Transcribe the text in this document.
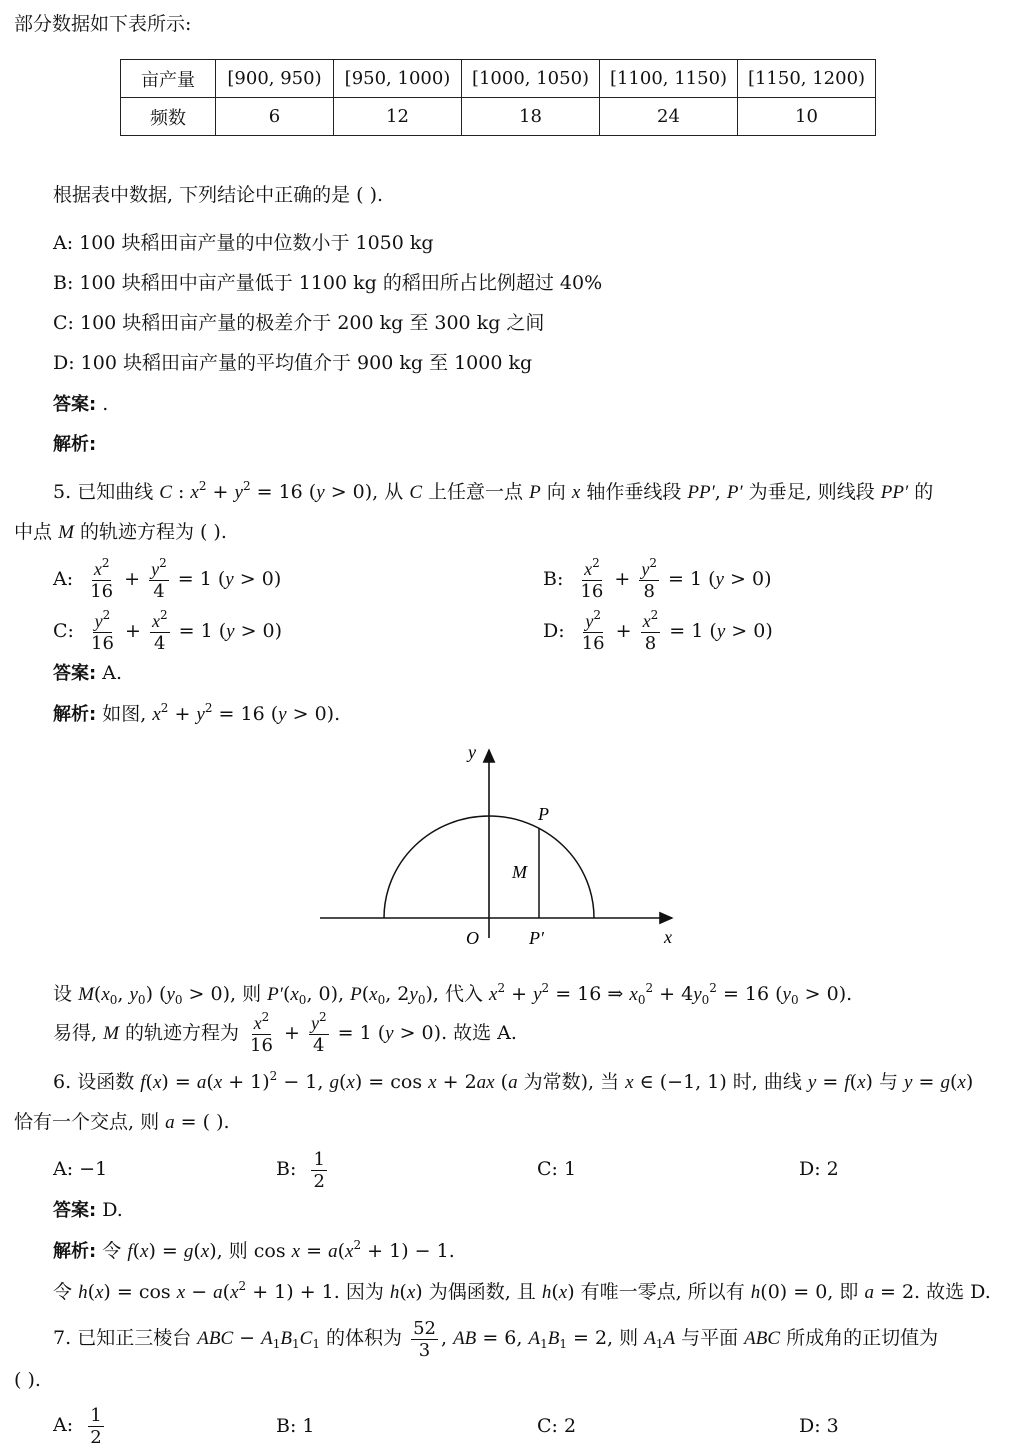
部分数据如下表所示:
亩产量	[900, 950)	[950, 1000)	[1000, 1050)	[1100, 1150)	[1150, 1200)
频数	6	12	18	24	10
根据表中数据, 下列结论中正确的是 ( ).
A: 100 块稻田亩产量的中位数小于 1050 kg
B: 100 块稻田中亩产量低于 1100 kg 的稻田所占比例超过 40%
C: 100 块稻田亩产量的极差介于 200 kg 至 300 kg 之间
D: 100 块稻田亩产量的平均值介于 900 kg 至 1000 kg
答案: .
解析:
5. 已知曲线 C : $x^2 + y^2 = 16$ (y > 0), 从 C 上任意一点 P 向 x 轴作垂线段 PP′, P′ 为垂足, 则线段 PP′ 的
中点 M 的轨迹方程为 ( ).
A: $\frac{x^2}{16} + \frac{y^2}{4} = 1$ (y > 0)	B: $\frac{x^2}{16} + \frac{y^2}{8} = 1$ (y > 0)
C: $\frac{y^2}{16} + \frac{x^2}{4} = 1$ (y > 0)	D: $\frac{y^2}{16} + \frac{x^2}{8} = 1$ (y > 0)
答案: A.
解析: 如图, $x^2 + y^2 = 16$ (y > 0).
y
x
O
P
M
P′
设 $M(x_0$, $y_0$) $(y_0 > 0)$, 则 $P'(x_0$, 0), $P(x_0$, $2y_0$), 代入 $x^2 + y^2 = 16$ ⇒ $x_0^2 + 4y_0^2 = 16$ $(y_0 > 0)$.
易得, M 的轨迹方程为 $\frac{x^2}{16} + \frac{y^2}{4} = 1$ (y > 0). 故选 A.
6. 设函数 $f(x) = a(x + 1)^2 - 1$, g(x) = cos x + 2ax (a 为常数), 当 x ∈ (−1, 1) 时, 曲线 y = f(x) 与 y = g(x)
恰有一个交点, 则 a = ( ).
A: −1	B: $\frac{1}{2}$	C: 1	D: 2
答案: D.
解析: 令 f(x) = g(x), 则 $\cos x = a(x^2 + 1) - 1$.
令 $h(x) = \cos x - a(x^2 + 1) + 1$. 因为 h(x) 为偶函数, 且 h(x) 有唯一零点, 所以有 h(0) = 0, 即 a = 2. 故选 D.
7. 已知正三棱台 ABC − $A_1B_1C_1$ 的体积为 $\frac{52}{3}$ , AB = 6, $A_1B_1 = 2$, 则 $A_1A$ 与平面 ABC 所成角的正切值为
( ).
A: $\frac{1}{2}$	B: 1	C: 2	D: 3
